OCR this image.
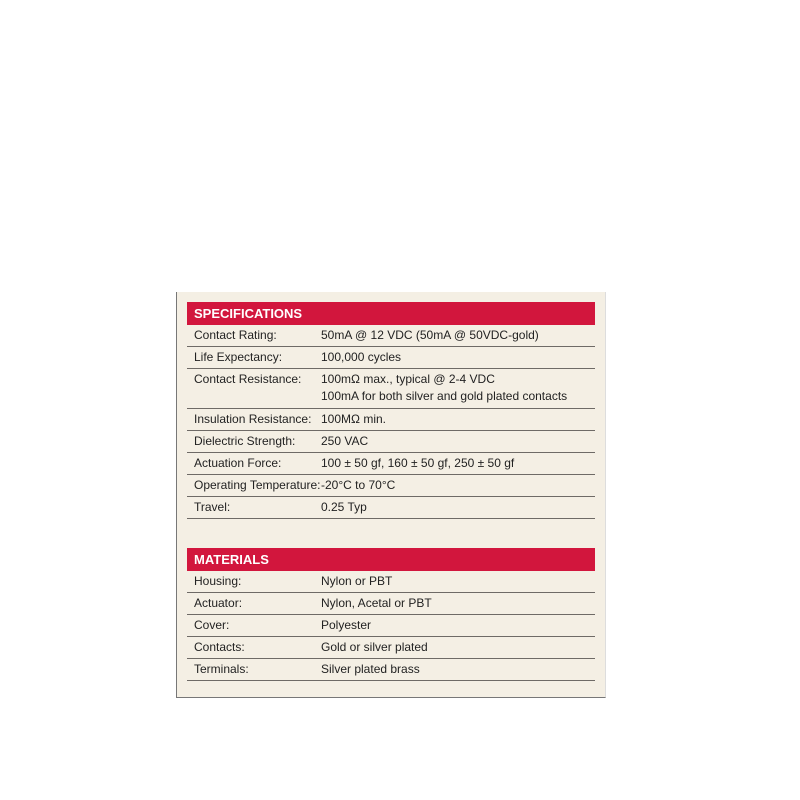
SPECIFICATIONS
Contact Rating:	50mA @ 12 VDC (50mA @ 50VDC-gold)
Life Expectancy:	100,000 cycles
Contact Resistance:	100mΩ max., typical @ 2-4 VDC
100mA for both silver and gold plated contacts
Insulation Resistance: 100MΩ min.
Dielectric Strength:	250 VAC
Actuation Force:	100 ± 50 gf, 160 ± 50 gf, 250 ± 50 gf
Operating Temperature: -20°C to 70°C
Travel:	0.25 Typ
MATERIALS
Housing:	Nylon or PBT
Actuator:	Nylon, Acetal or PBT
Cover:	Polyester
Contacts:	Gold or silver plated
Terminals:	Silver plated brass
